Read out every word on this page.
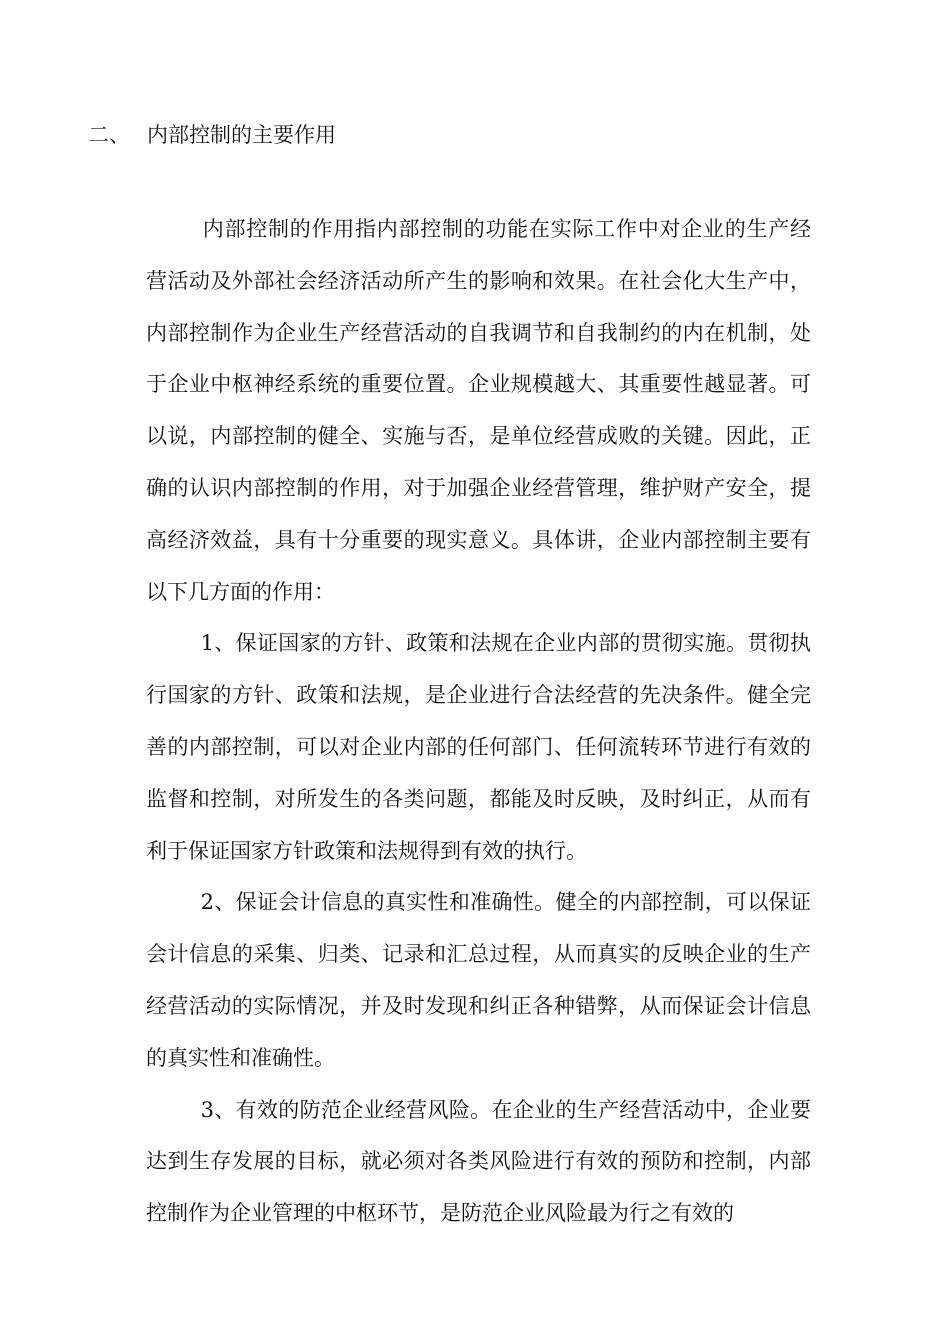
二、 内部控制的主要作用

内部控制的作用指内部控制的功能在实际工作中对企业的生产经营活动及外部社会经济活动所产生的影响和效果。在社会化大生产中，内部控制作为企业生产经营活动的自我调节和自我制约的内在机制，处于企业中枢神经系统的重要位置。企业规模越大、其重要性越显著。可以说，内部控制的健全、实施与否，是单位经营成败的关键。因此，正确的认识内部控制的作用，对于加强企业经营管理，维护财产安全，提高经济效益，具有十分重要的现实意义。具体讲，企业内部控制主要有以下几方面的作用：

1、保证国家的方针、政策和法规在企业内部的贯彻实施。贯彻执行国家的方针、政策和法规，是企业进行合法经营的先决条件。健全完善的内部控制，可以对企业内部的任何部门、任何流转环节进行有效的监督和控制，对所发生的各类问题，都能及时反映，及时纠正，从而有利于保证国家方针政策和法规得到有效的执行。

2、保证会计信息的真实性和准确性。健全的内部控制，可以保证会计信息的采集、归类、记录和汇总过程，从而真实的反映企业的生产经营活动的实际情况，并及时发现和纠正各种错弊，从而保证会计信息的真实性和准确性。

3、有效的防范企业经营风险。在企业的生产经营活动中，企业要达到生存发展的目标，就必须对各类风险进行有效的预防和控制，内部控制作为企业管理的中枢环节，是防范企业风险最为行之有效的
